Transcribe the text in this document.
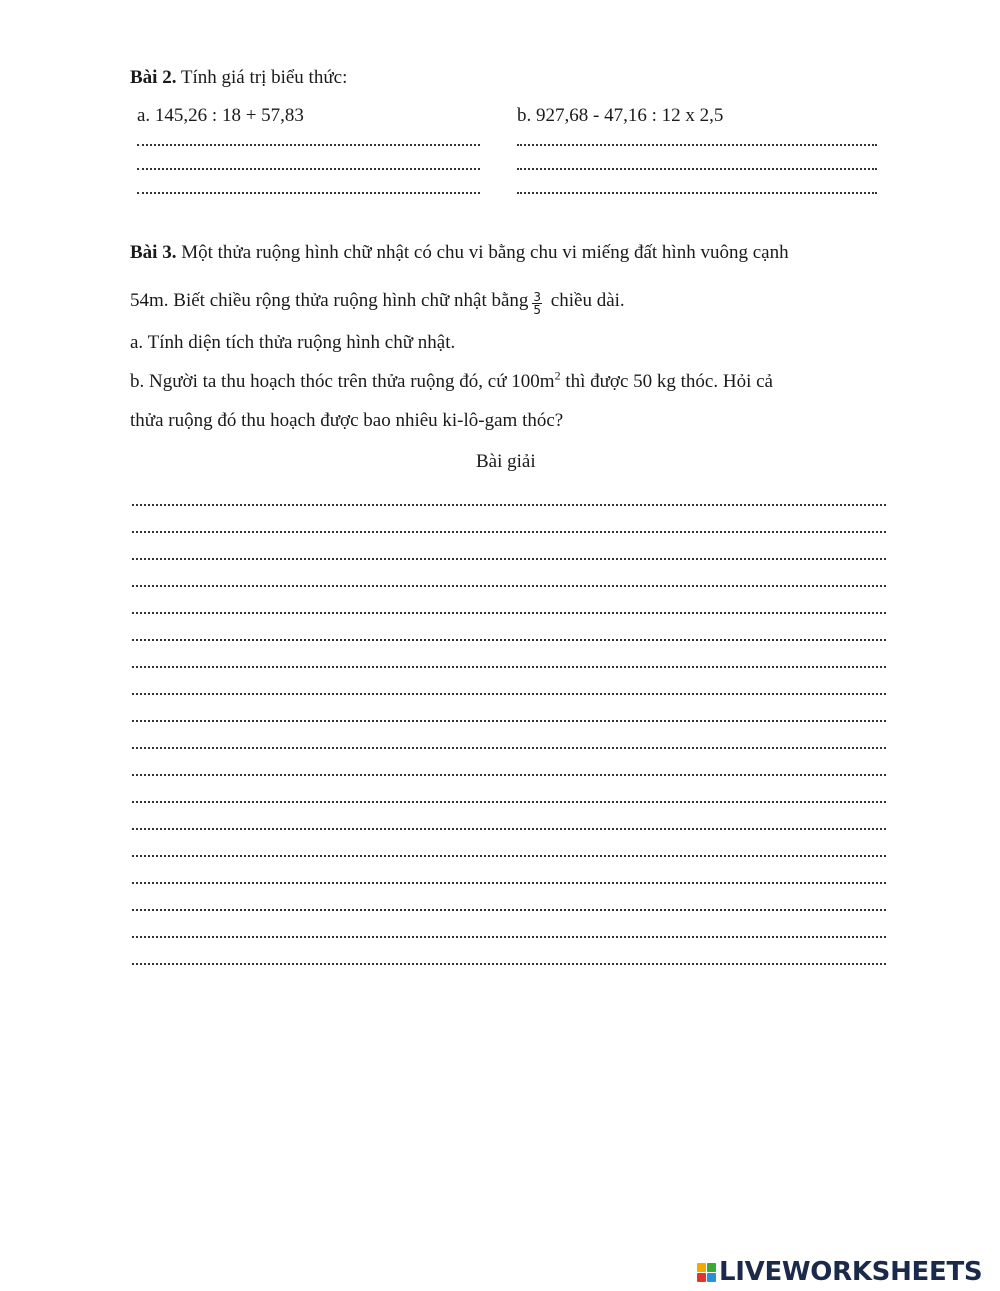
Bài 2. Tính giá trị biểu thức:
a. 145,26 : 18 + 57,83	b. 927,68 - 47,16 : 12 x 2,5
Bài 3. Một thửa ruộng hình chữ nhật có chu vi bằng chu vi miếng đất hình vuông cạnh
54m. Biết chiều rộng thửa ruộng hình chữ nhật bằng $\frac{3}{5}$ chiều dài.
a. Tính diện tích thửa ruộng hình chữ nhật.
b. Người ta thu hoạch thóc trên thửa ruộng đó, cứ $100m^2$ thì được 50 kg thóc. Hỏi cả
thửa ruộng đó thu hoạch được bao nhiêu ki-lô-gam thóc?
Bài giải
LIVEWORKSHEETS
